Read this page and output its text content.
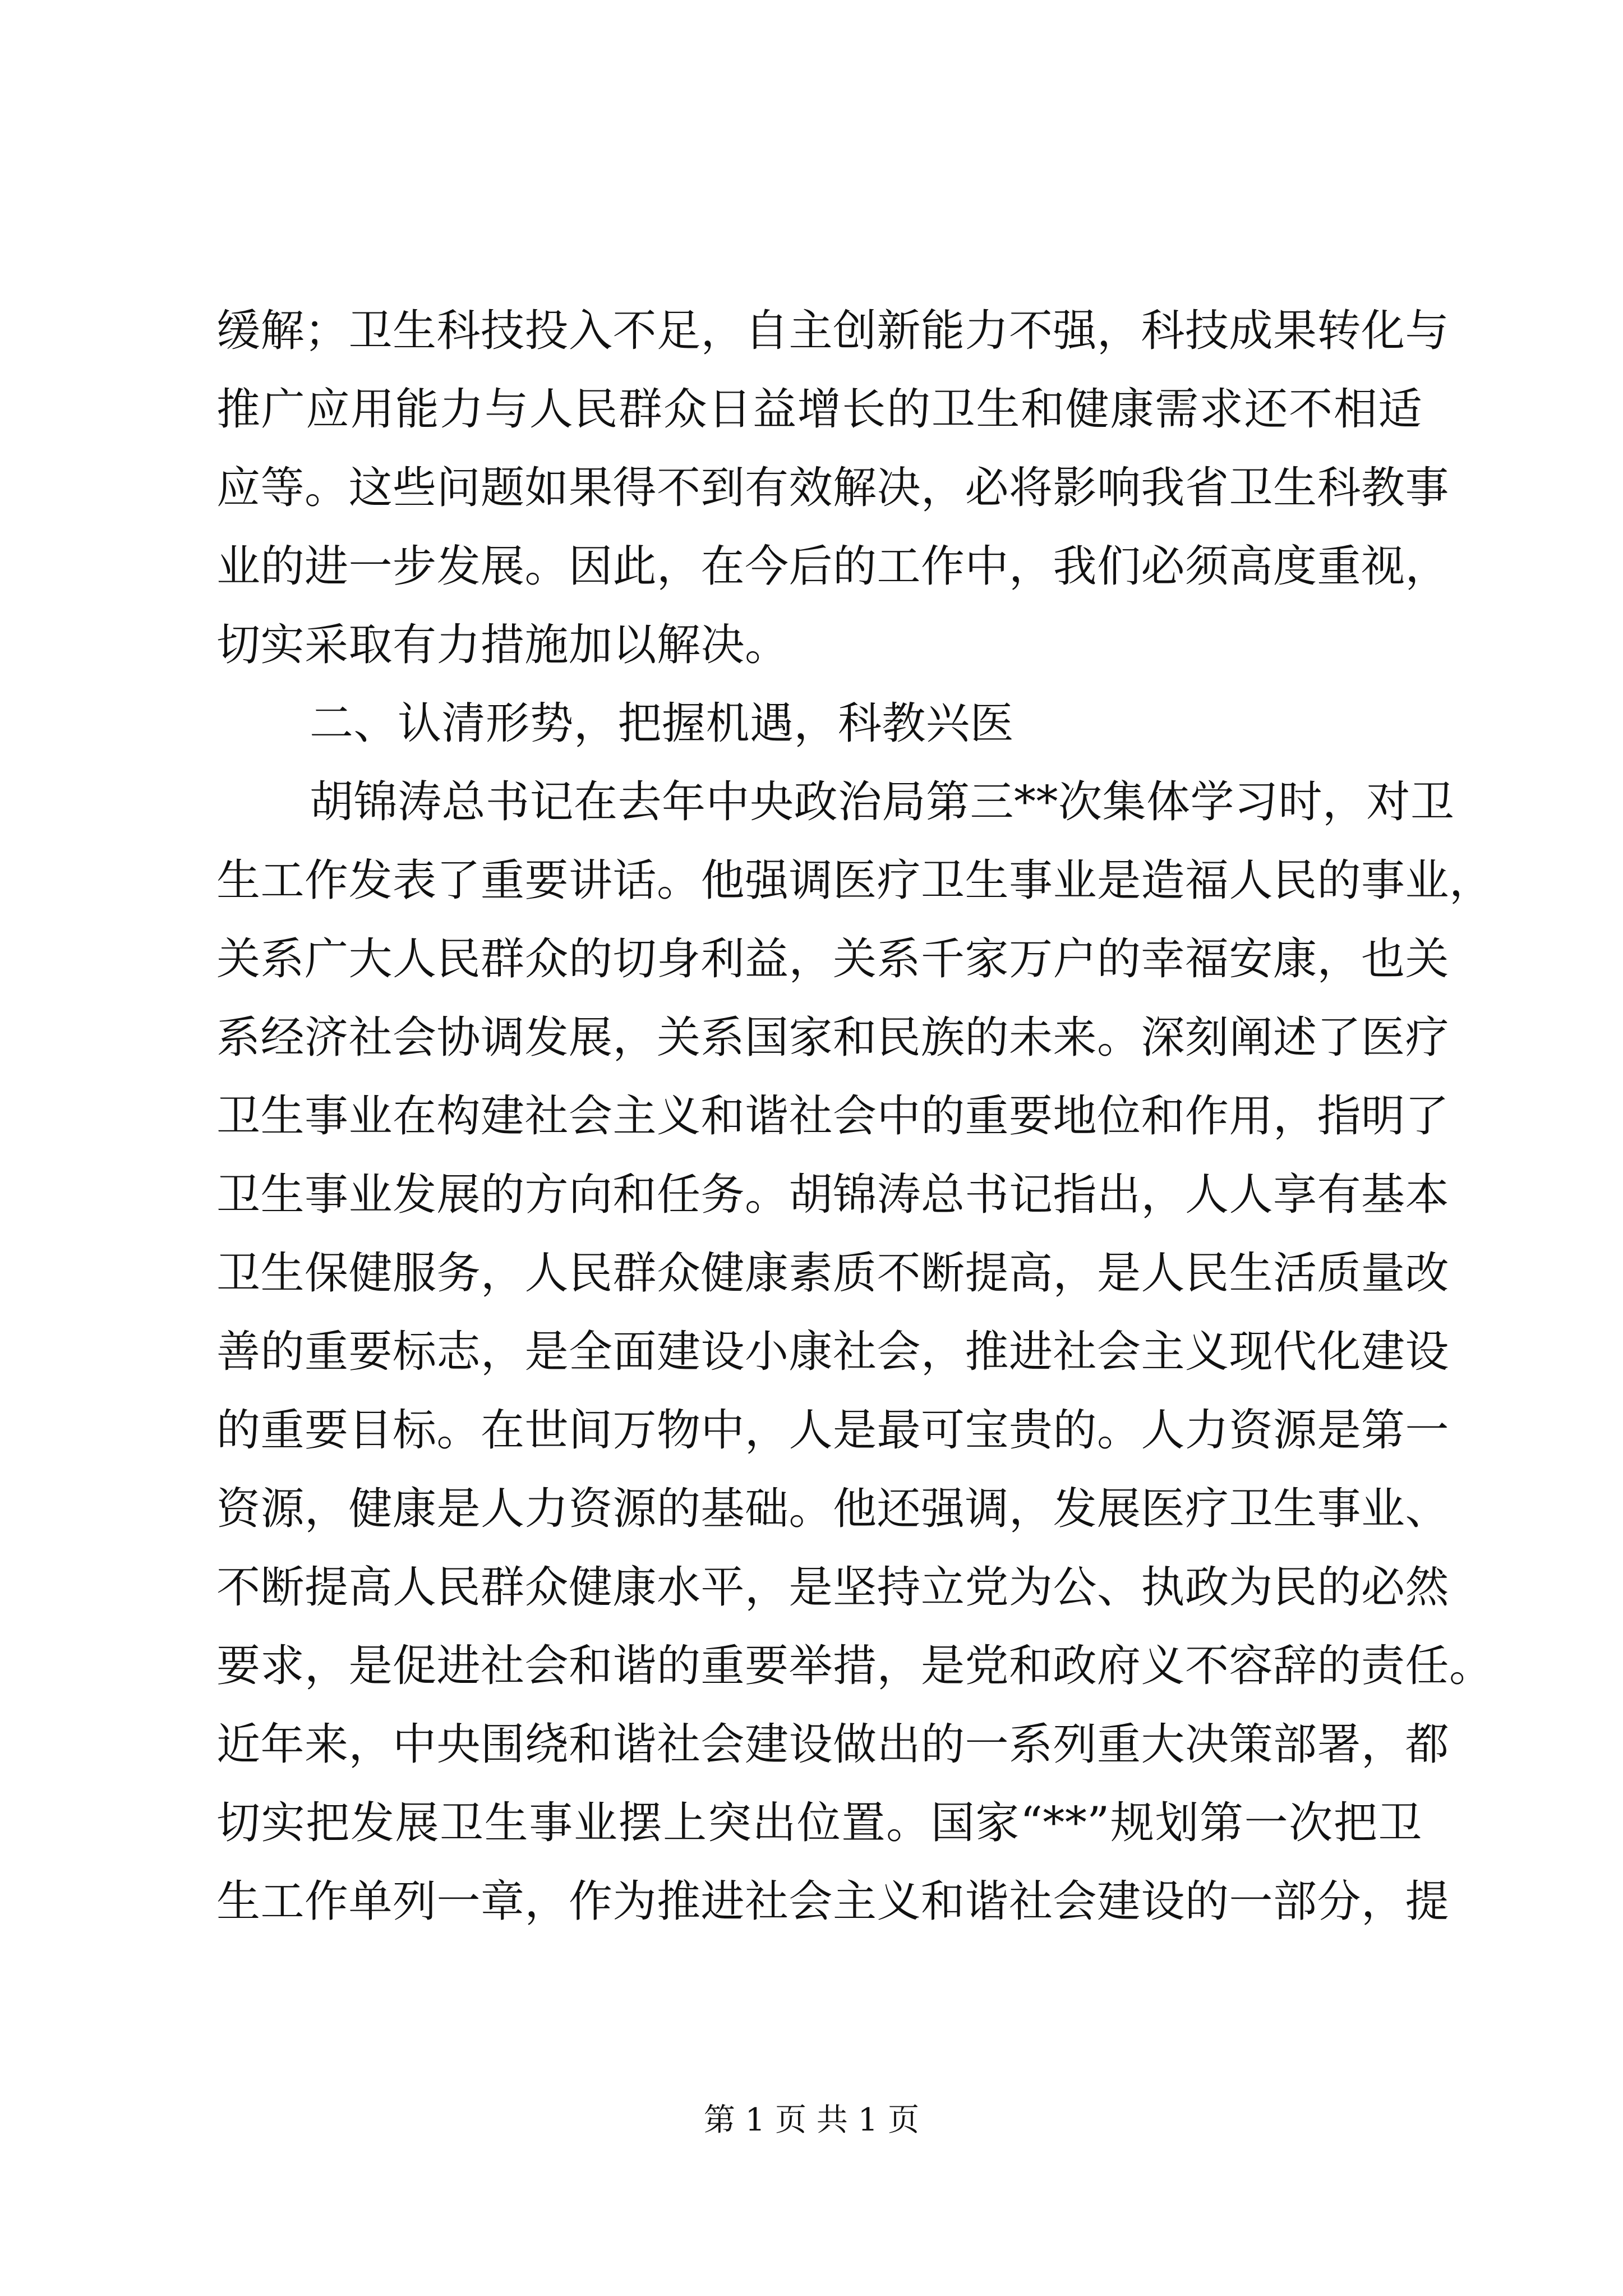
缓解；卫生科技投入不足，自主创新能力不强，科技成果转化与
推广应用能力与人民群众日益增长的卫生和健康需求还不相适
应等。这些问题如果得不到有效解决，必将影响我省卫生科教事
业的进一步发展。因此，在今后的工作中，我们必须高度重视，
切实采取有力措施加以解决。
二、认清形势，把握机遇，科教兴医
胡锦涛总书记在去年中央政治局第三**次集体学习时，对卫
生工作发表了重要讲话。他强调医疗卫生事业是造福人民的事业，
关系广大人民群众的切身利益，关系千家万户的幸福安康，也关
系经济社会协调发展，关系国家和民族的未来。深刻阐述了医疗
卫生事业在构建社会主义和谐社会中的重要地位和作用，指明了
卫生事业发展的方向和任务。胡锦涛总书记指出，人人享有基本
卫生保健服务，人民群众健康素质不断提高，是人民生活质量改
善的重要标志，是全面建设小康社会，推进社会主义现代化建设
的重要目标。在世间万物中，人是最可宝贵的。人力资源是第一
资源，健康是人力资源的基础。他还强调，发展医疗卫生事业、
不断提高人民群众健康水平，是坚持立党为公、执政为民的必然
要求，是促进社会和谐的重要举措，是党和政府义不容辞的责任。
近年来，中央围绕和谐社会建设做出的一系列重大决策部署，都
切实把发展卫生事业摆上突出位置。国家“**”规划第一次把卫
生工作单列一章，作为推进社会主义和谐社会建设的一部分，提
第 1 页 共 1 页
